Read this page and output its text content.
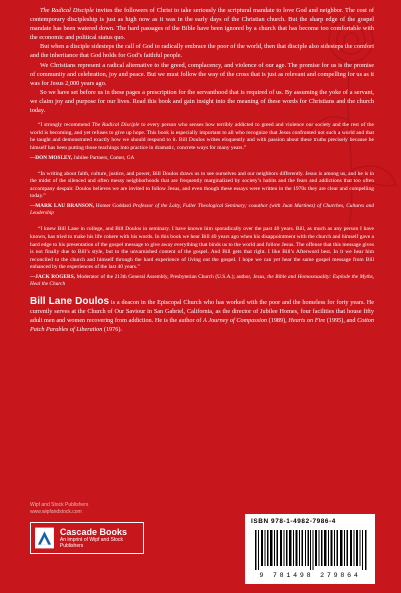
The Radical Disciple invites the followers of Christ to take seriously the scriptural mandate to love God and neighbor. The cost of contemporary discipleship is just as high now as it was in the early days of the Christian church. But the sharp edge of the gospel mandate has been watered down. The hard passages of the Bible have been ignored by a church that has become too comfortable with the economic and political status quo.

But when a disciple sidesteps the call of God to radically embrace the poor of the world, then that disciple also sidesteps the comfort and the inheritance that God holds for God’s faithful people.

We Christians represent a radical alternative to the greed, complacency, and violence of our age. The promise for us is the promise of community and celebration, joy and peace. But we must follow the way of the cross that is just as relevant and compelling for us as it was for Jesus 2,000 years ago.

So we have set before us in these pages a prescription for the servanthood that is required of us. By assuming the yoke of a servant, we claim joy and purpose for our lives. Read this book and gain insight into the meaning of these words for Christians and the church today.

“I strongly recommend The Radical Disciple to every person who senses how terribly addicted to greed and violence our society and the rest of the world is becoming, and yet refuses to give up hope. This book is especially important to all who recognize that Jesus confronted not such a world and that he taught and demonstrated exactly how we should respond to it. Bill Doulos writes eloquently and with passion about these truths precisely because he himself has been putting those teachings into practice in dramatic, concrete ways for many years.”

—DON MOSLEY, Jubilee Partners, Comer, GA

“In writing about faith, culture, justice, and power, Bill Doulos draws us to see ourselves and our neighbors differently. Jesus is among us, and he is in the midst of the silenced and often messy neighborhoods that are frequently marginalized by society’s habits and the fears and addictions that too often accompany despair. Doulos believes we are invited to follow Jesus, and even though these essays were written in the 1970s they are clear and compelling today.”

—MARK LAU BRANSON, Homer Goddard Professor of the Laity, Fuller Theological Seminary; coauthor (with Juan Martinez) of Churches, Cultures and Leadership

“I knew Bill Lane in college, and Bill Doulos in seminary. I have known him sporadically over the past 40 years. Bill, as much as any person I have known, has tried to make his life cohere with his words. In this book we hear Bill 40 years ago when his disappointment with the church and himself gave a hard edge to his presentation of the gospel message to give away everything that binds us to the world and follow Jesus. The offense that this message gives is not finally due to Bill’s style, but to the unvarnished content of the gospel. And Bill gets that right. I like Bill’s Afterword best. In it we hear him reconciled to the church and himself through the hard experience of living out the gospel. I hope we can yet hear the same gospel message from Bill enhanced by the experiences of the last 40 years.”

—JACK ROGERS, Moderator of the 213th General Assembly, Presbyterian Church (U.S.A.); author, Jesus, the Bible and Homosexuality: Explode the Myths, Heal the Church

Bill Lane Doulos is a deacon in the Episcopal Church who has worked with the poor and the homeless for forty years. He currently serves at the Church of Our Saviour in San Gabriel, California, as the director of Jubilee Homes, four facilities that house fifty adult men and women recovering from addiction. He is the author of A Journey of Compassion (1989), Hearts on Fire (1995), and Cotton Patch Parables of Liberation (1976).
Wipf and Stock Publishers
www.wipfandstock.com
Cascade Books
An imprint of Wipf and Stock Publishers
ISBN 978-1-4982-7986-4
9 781498 279864
